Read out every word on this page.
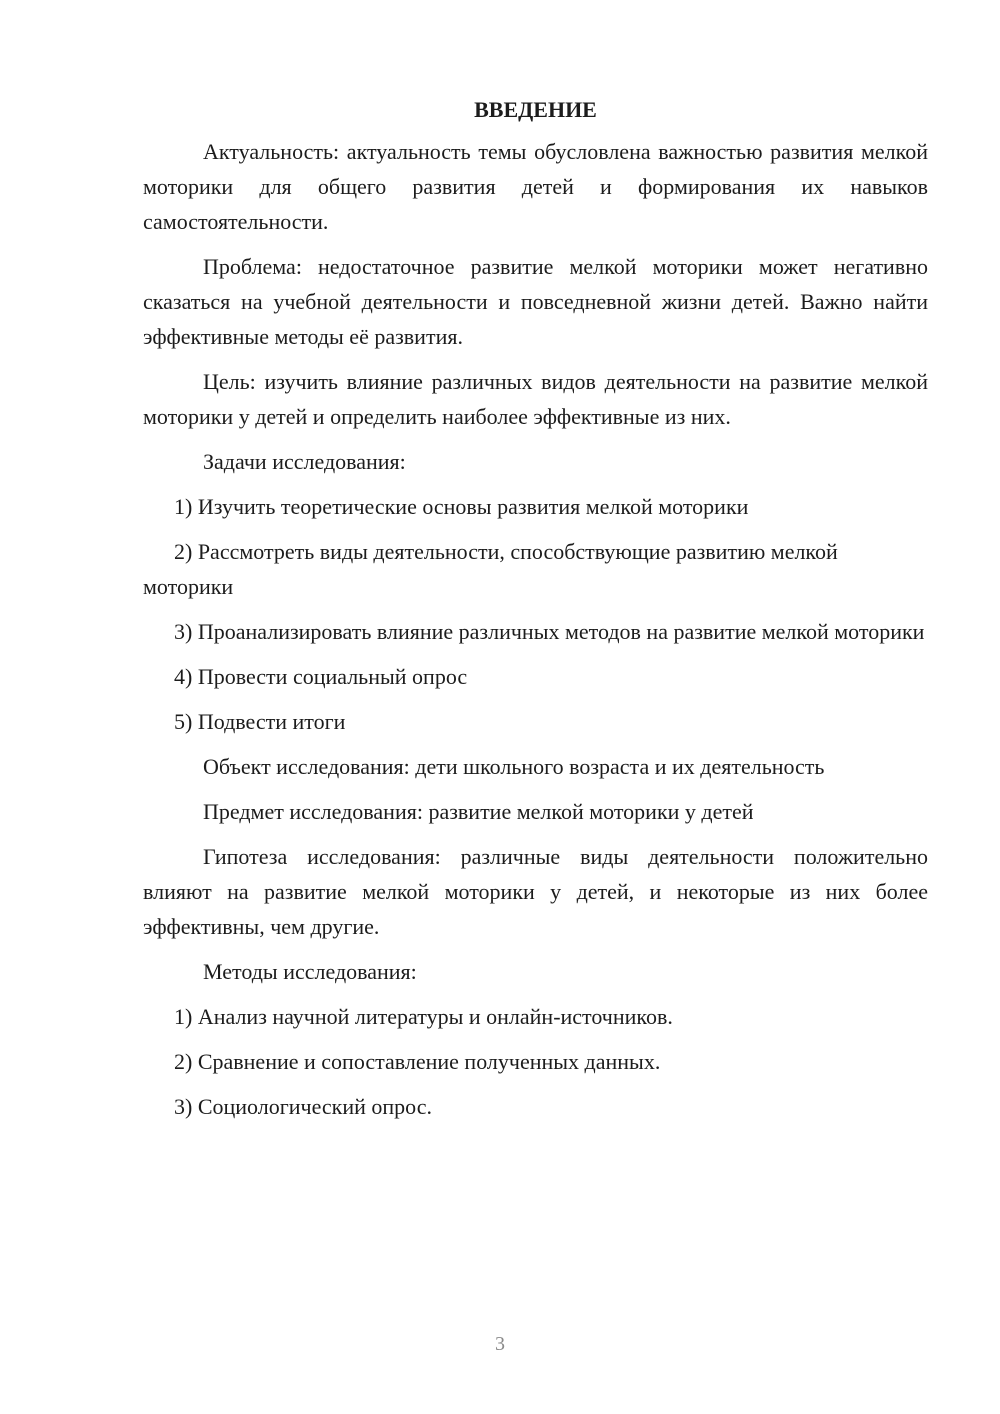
ВВЕДЕНИЕ

Актуальность: актуальность темы обусловлена важностью развития мелкой моторики для общего развития детей и формирования их навыков самостоятельности.

Проблема: недостаточное развитие мелкой моторики может негативно сказаться на учебной деятельности и повседневной жизни детей. Важно найти эффективные методы её развития.

Цель: изучить влияние различных видов деятельности на развитие мелкой моторики у детей и определить наиболее эффективные из них.

Задачи исследования:

1) Изучить теоретические основы развития мелкой моторики

2) Рассмотреть виды деятельности, способствующие развитию мелкой моторики

3) Проанализировать влияние различных методов на развитие мелкой моторики

4) Провести социальный опрос

5) Подвести итоги

Объект исследования: дети школьного возраста и их деятельность

Предмет исследования: развитие мелкой моторики у детей

Гипотеза исследования: различные виды деятельности положительно влияют на развитие мелкой моторики у детей, и некоторые из них более эффективны, чем другие.

Методы исследования:

1) Анализ научной литературы и онлайн-источников.

2) Сравнение и сопоставление полученных данных.

3) Социологический опрос.

3
